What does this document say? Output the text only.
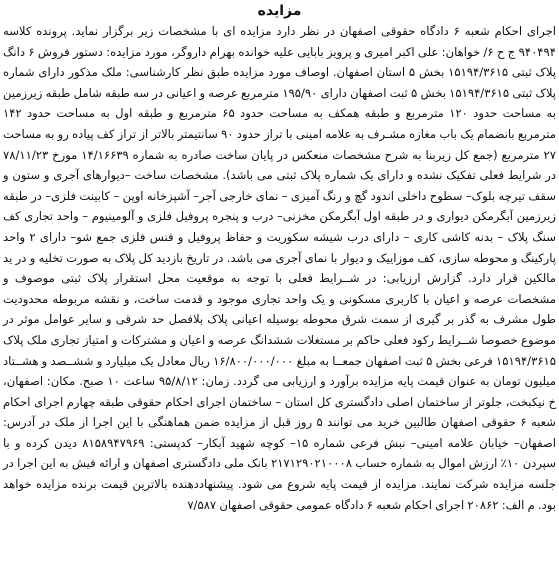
مزایده

اجرای احکام شعبه ۶ دادگاه حقوقی اصفهان در نظر دارد مزایده ای با مشخصات زیر برگزار نماید. پرونده کلاسه ۹۴۰۴۹۴ ج ح ۶/ خواهان: علی اکبر امیری و پرویز بابایی علیه خوانده بهرام داروگر، مورد مزایده: دستور فروش ۶ دانگ پلاک ثبتی ۱۵۱۹۴/۳۶۱۵ بخش ۵ استان اصفهان. اوصاف مورد مزایده طبق نظر کارشناسی: ملک مذکور دارای شماره پلاک ثبتی ۱۵۱۹۴/۳۶۱۵ بخش ۵ ثبت اصفهان دارای ۱۹۵/۹۰ مترمربع عرصه و اعیانی در سه طبقه شامل طبقه زیرزمین به مساحت حدود ۱۲۰ مترمربع و طبقه همکف به مساحت حدود ۶۵ مترمربع و طبقه اول به مساحت حدود ۱۴۲ مترمربع بانضمام یک باب مغازه مشـرف به علامه امینی با تراز حدود ۹۰ سانتیمتر بالاتر از تراز کف پیاده رو به مساحت ۲۷ مترمربع (جمع کل زیربنا به شرح مشخصات منعکس در پایان ساخت صادره به شماره ۱۴/۱۶۶۳۹ مورخ ۷۸/۱۱/۲۳ در شرایط فعلی تفکیک نشده و دارای یک شماره پلاک ثبتی می باشد). مشخصات ساخت –دیوارهای آجری و ستون و سقف تیرچه بلوک– سطوح داخلی اندود گچ و رنگ آمیزی – نمای خارجی آجر– آشپزخانه اوپن – کابینت فلزی– در طبقه زیرزمین آبگرمکن دیواری و در طبقه اول آبگرمکن مخزنی– درب و پنجره پروفیل فلزی و آلومینیوم – واحد تجاری کف سنگ پلاک – بدنه کاشی کاری – دارای درب شیشه سکوریت و حفاظ پروفیل و فنس فلزی جمع شو– دارای ۲ واحد پارکینگ و محوطه سازی، کف موزاییک و دیوار با نمای آجری می باشد. در تاریخ بازدید کل پلاک به صورت تخلیه و در ید مالکین قرار دارد. گزارش ارزیابی: در شــرایط فعلی با توجه به موقعیت محل استقرار پلاک ثبتی موصوف و مشخصات عرصه و اعیان با کاربری مسکونی و یک واحد تجاری موجود و قدمت ساخت، و نقشه مربوطه محدودیت طول مشرف به گذر بر گیری از سمت شرق محوطه بوسیله اعیانی پلاک بلافصل حد شرقی و سایر عوامل موثر در موضوع خصوصا شــرایط رکود فعلی حاکم بر مستغلات ششدانگ عرصه و اعیان و مشترکات و امتیاز تجاری ملک پلاک ۱۵۱۹۴/۳۶۱۵ فرعی بخش ۵ ثبت اصفهان جمعــا به مبلغ ۱۶/۸۰۰/۰۰۰/۰۰۰ ریال معادل یک میلیارد و ششــصد و هشــتاد میلیون تومان به عنوان قیمت پایه مزایده برآورد و ارزیابی می گردد. زمان: ۹۵/۸/۱۲ ساعت ۱۰ صبح. مکان: اصفهان، خ نیکبخت، جلوتر از ساختمان اصلی دادگستری کل استان – ساختمان اجرای احکام حقوقی طبقه چهارم اجرای احکام شعبه ۶ حقوقی اصفهان طالبین خرید می توانند ۵ روز قبل از مزایده ضمن هماهنگی با این اجرا از ملک در آدرس: اصفهان– خیابان علامه امینی– نبش فرعی شماره ۱۵– کوچه شهید آبکار– کدپستی: ۸۱۵۸۹۴۷۹۶۹ دیدن کرده و با سپردن ۱۰٪ ارزش اموال به شماره حساب ۲۱۷۱۲۹۰۲۱۰۰۰۸ بانک ملی دادگستری اصفهان و ارائه فیش به این اجرا در جلسه مزایده شرکت نمایند. مزایده از قیمت پایه شروع می شود. پیشنهاددهنده بالاترین قیمت برنده مزایده خواهد بود. م الف: ۲۰۸۶۲ اجرای احکام شعبه ۶ دادگاه عمومی حقوقی اصفهان ۷/۵۸۷
